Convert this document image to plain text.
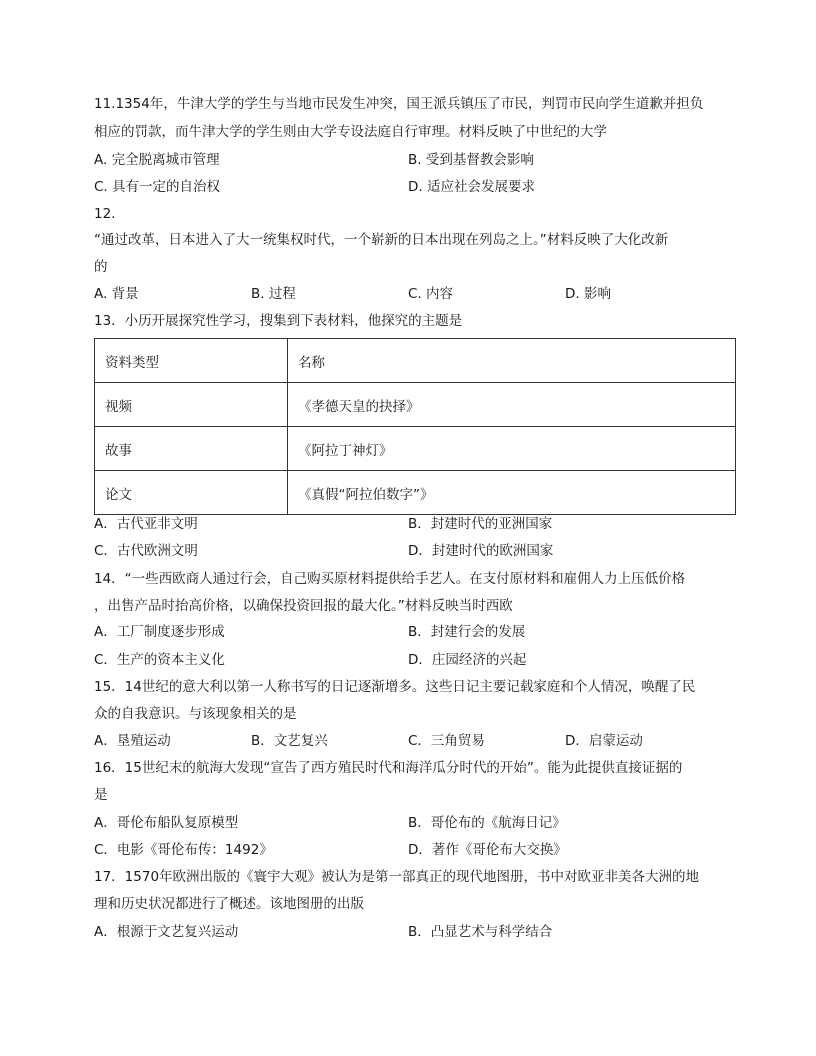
11.1354年，牛津大学的学生与当地市民发生冲突，国王派兵镇压了市民，判罚市民向学生道歉并担负
相应的罚款，而牛津大学的学生则由大学专设法庭自行审理。材料反映了中世纪的大学
A. 完全脱离城市管理	B. 受到基督教会影响
C. 具有一定的自治权	D. 适应社会发展要求
12.
“通过改革，日本进入了大一统集权时代，一个崭新的日本出现在列岛之上。”材料反映了大化改新
的
A. 背景	B. 过程	C. 内容	D. 影响
13．小历开展探究性学习，搜集到下表材料，他探究的主题是
资料类型	名称
视频	《孝德天皇的抉择》
故事	《阿拉丁神灯》
论文	《真假“阿拉伯数字”》
A．古代亚非文明	B．封建时代的亚洲国家
C．古代欧洲文明	D．封建时代的欧洲国家
14．“一些西欧商人通过行会，自己购买原材料提供给手艺人。在支付原材料和雇佣人力上压低价格
，出售产品时抬高价格，以确保投资回报的最大化。”材料反映当时西欧
A．工厂制度逐步形成	B．封建行会的发展
C．生产的资本主义化	D．庄园经济的兴起
15．14世纪的意大利以第一人称书写的日记逐渐增多。这些日记主要记载家庭和个人情况，唤醒了民
众的自我意识。与该现象相关的是
A．垦殖运动	B．文艺复兴	C．三角贸易	D．启蒙运动
16．15世纪末的航海大发现“宣告了西方殖民时代和海洋瓜分时代的开始”。能为此提供直接证据的
是
A．哥伦布船队复原模型	B．哥伦布的《航海日记》
C．电影《哥伦布传：1492》	D．著作《哥伦布大交换》
17．1570年欧洲出版的《寰宇大观》被认为是第一部真正的现代地图册，书中对欧亚非美各大洲的地
理和历史状况都进行了概述。该地图册的出版
A．根源于文艺复兴运动	B．凸显艺术与科学结合
